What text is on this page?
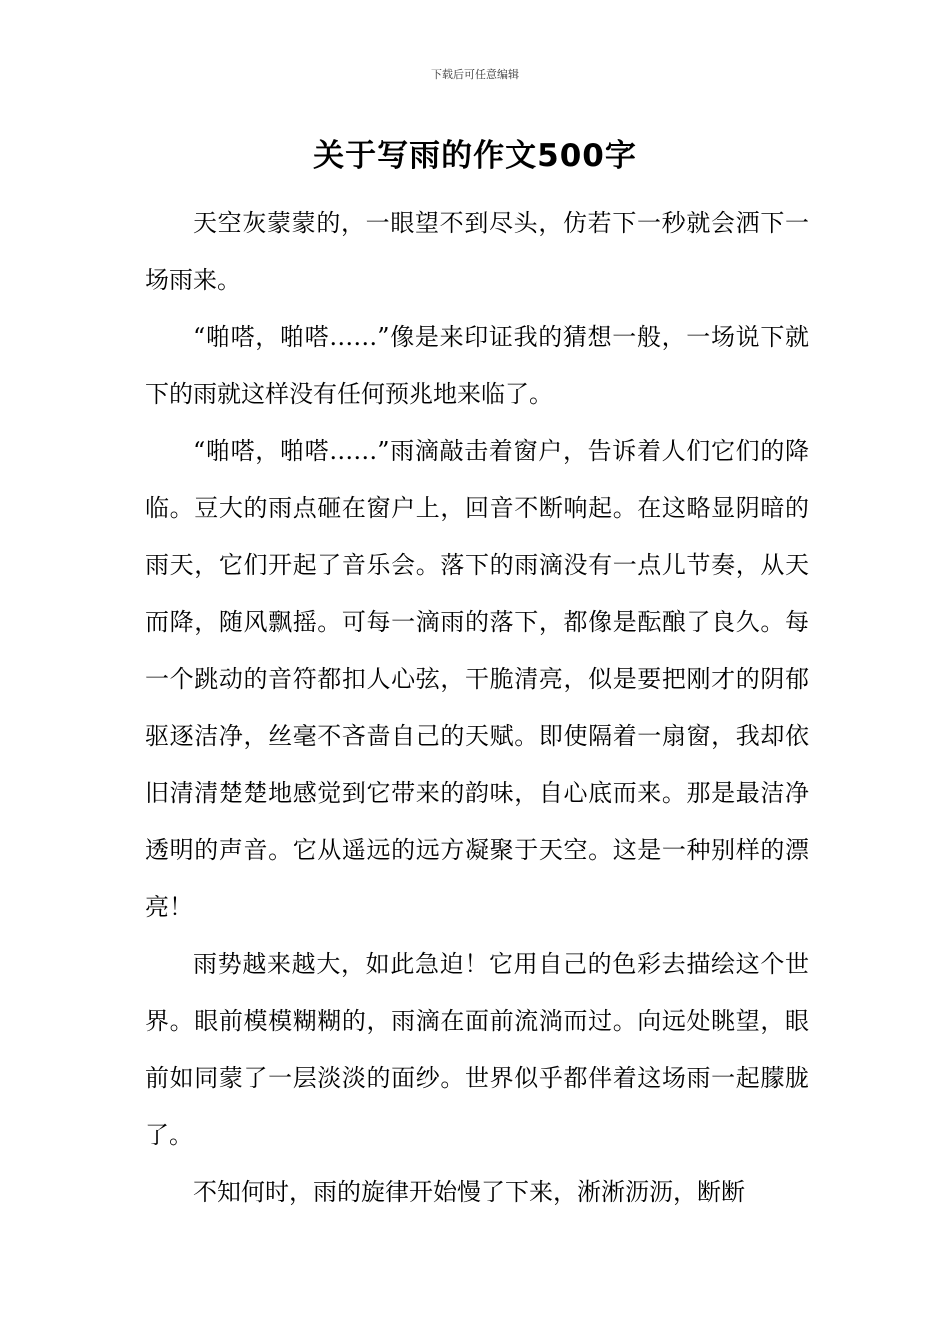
下载后可任意编辑
关于写雨的作文500字

天空灰蒙蒙的，一眼望不到尽头，仿若下一秒就会洒下一场雨来。

“啪嗒，啪嗒……”像是来印证我的猜想一般，一场说下就下的雨就这样没有任何预兆地来临了。

“啪嗒，啪嗒……”雨滴敲击着窗户，告诉着人们它们的降临。豆大的雨点砸在窗户上，回音不断响起。在这略显阴暗的雨天，它们开起了音乐会。落下的雨滴没有一点儿节奏，从天而降，随风飘摇。可每一滴雨的落下，都像是酝酿了良久。每一个跳动的音符都扣人心弦，干脆清亮，似是要把刚才的阴郁驱逐洁净，丝毫不吝啬自己的天赋。即使隔着一扇窗，我却依旧清清楚楚地感觉到它带来的韵味，自心底而来。那是最洁净透明的声音。它从遥远的远方凝聚于天空。这是一种别样的漂亮！

雨势越来越大，如此急迫！它用自己的色彩去描绘这个世界。眼前模模糊糊的，雨滴在面前流淌而过。向远处眺望，眼前如同蒙了一层淡淡的面纱。世界似乎都伴着这场雨一起朦胧了。

不知何时，雨的旋律开始慢了下来，淅淅沥沥，断断
